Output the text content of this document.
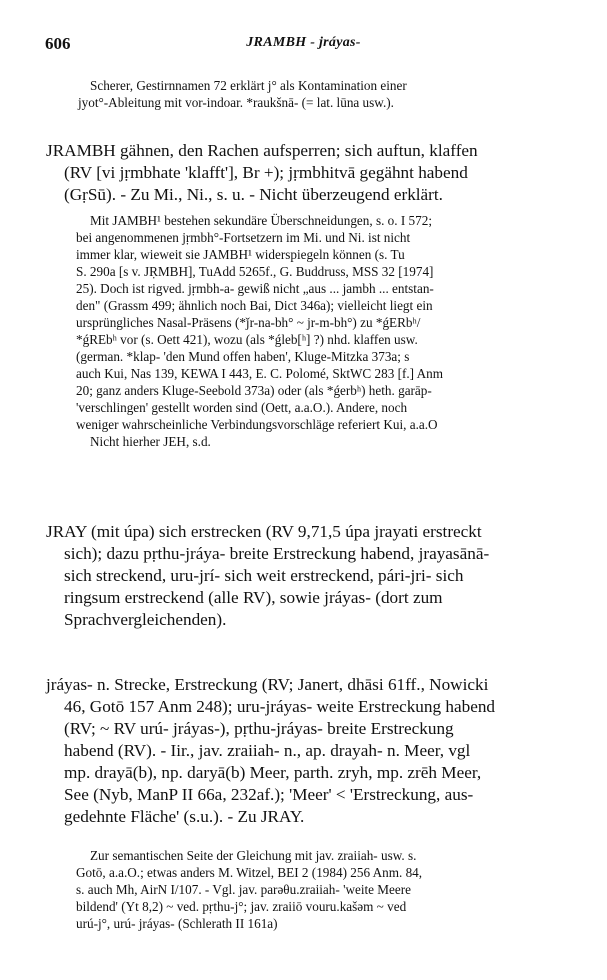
606	JRAMBH - jráyas-
Scherer, Gestirnnamen 72 erklärt j° als Kontamination einer
jyot°-Ableitung mit vor-indoar. *raukšnā- (= lat. lūna usw.).
JRAMBH gähnen, den Rachen aufsperren; sich auftun, klaffen
(RV [vi jṛmbhate 'klafft'], Br +); jṛmbhitvā gegähnt habend
(GṛSū). - Zu Mi., Ni., s. u. - Nicht überzeugend erklärt.
Mit JAMBH¹ bestehen sekundäre Überschneidungen, s. o. I 572;
bei angenommenen jṛmbh°-Fortsetzern im Mi. und Ni. ist nicht
immer klar, wieweit sie JAMBH¹ widerspiegeln können (s. Tu
S. 290a [s v. JṚMBH], TuAdd 5265f., G. Buddruss, MSS 32 [1974]
25). Doch ist rigved. jṛmbh-a- gewiß nicht „aus ... jambh ... entstan-
den" (Grassm 499; ähnlich noch Bai, Dict 346a); vielleicht liegt ein
ursprüngliches Nasal-Präsens (*ǰr-na-bh° ~ jr-m-bh°) zu *ǵERbʰ/
*ǵREbʰ vor (s. Oett 421), wozu (als *ǵleb[ʰ] ?) nhd. klaffen usw.
(german. *klap- 'den Mund offen haben', Kluge-Mitzka 373a; s
auch Kui, Nas 139, KEWA I 443, E. C. Polomé, SktWC 283 [f.] Anm
20; ganz anders Kluge-Seebold 373a) oder (als *ǵerbʰ) heth. garāp-
'verschlingen' gestellt worden sind (Oett, a.a.O.). Andere, noch
weniger wahrscheinliche Verbindungsvorschläge referiert Kui, a.a.O
Nicht hierher JEH, s.d.
JRAY (mit úpa) sich erstrecken (RV 9,71,5 úpa jrayati erstreckt
sich); dazu pṛthu-jráya- breite Erstreckung habend, jrayasānā-
sich streckend, uru-jrí- sich weit erstreckend, pári-jri- sich
ringsum erstreckend (alle RV), sowie jráyas- (dort zum
Sprachvergleichenden).
jráyas- n. Strecke, Erstreckung (RV; Janert, dhāsi 61ff., Nowicki
46, Gotō 157 Anm 248); uru-jráyas- weite Erstreckung habend
(RV; ~ RV urú- jráyas-), pṛthu-jráyas- breite Erstreckung
habend (RV). - Iir., jav. zraiiah- n., ap. drayah- n. Meer, vgl
mp. drayā(b), np. daryā(b) Meer, parth. zryh, mp. zrēh Meer,
See (Nyb, ManP II 66a, 232af.); 'Meer' < 'Erstreckung, aus-
gedehnte Fläche' (s.u.). - Zu JRAY.
Zur semantischen Seite der Gleichung mit jav. zraiiah- usw. s.
Gotō, a.a.O.; etwas anders M. Witzel, BEI 2 (1984) 256 Anm. 84,
s. auch Mh, AirN I/107. - Vgl. jav. parəθu.zraiiah- 'weite Meere
bildend' (Yt 8,2) ~ ved. pṛthu-j°; jav. zraiiō vouru.kašəm ~ ved
urú-j°, urú- jráyas- (Schlerath II 161a)
